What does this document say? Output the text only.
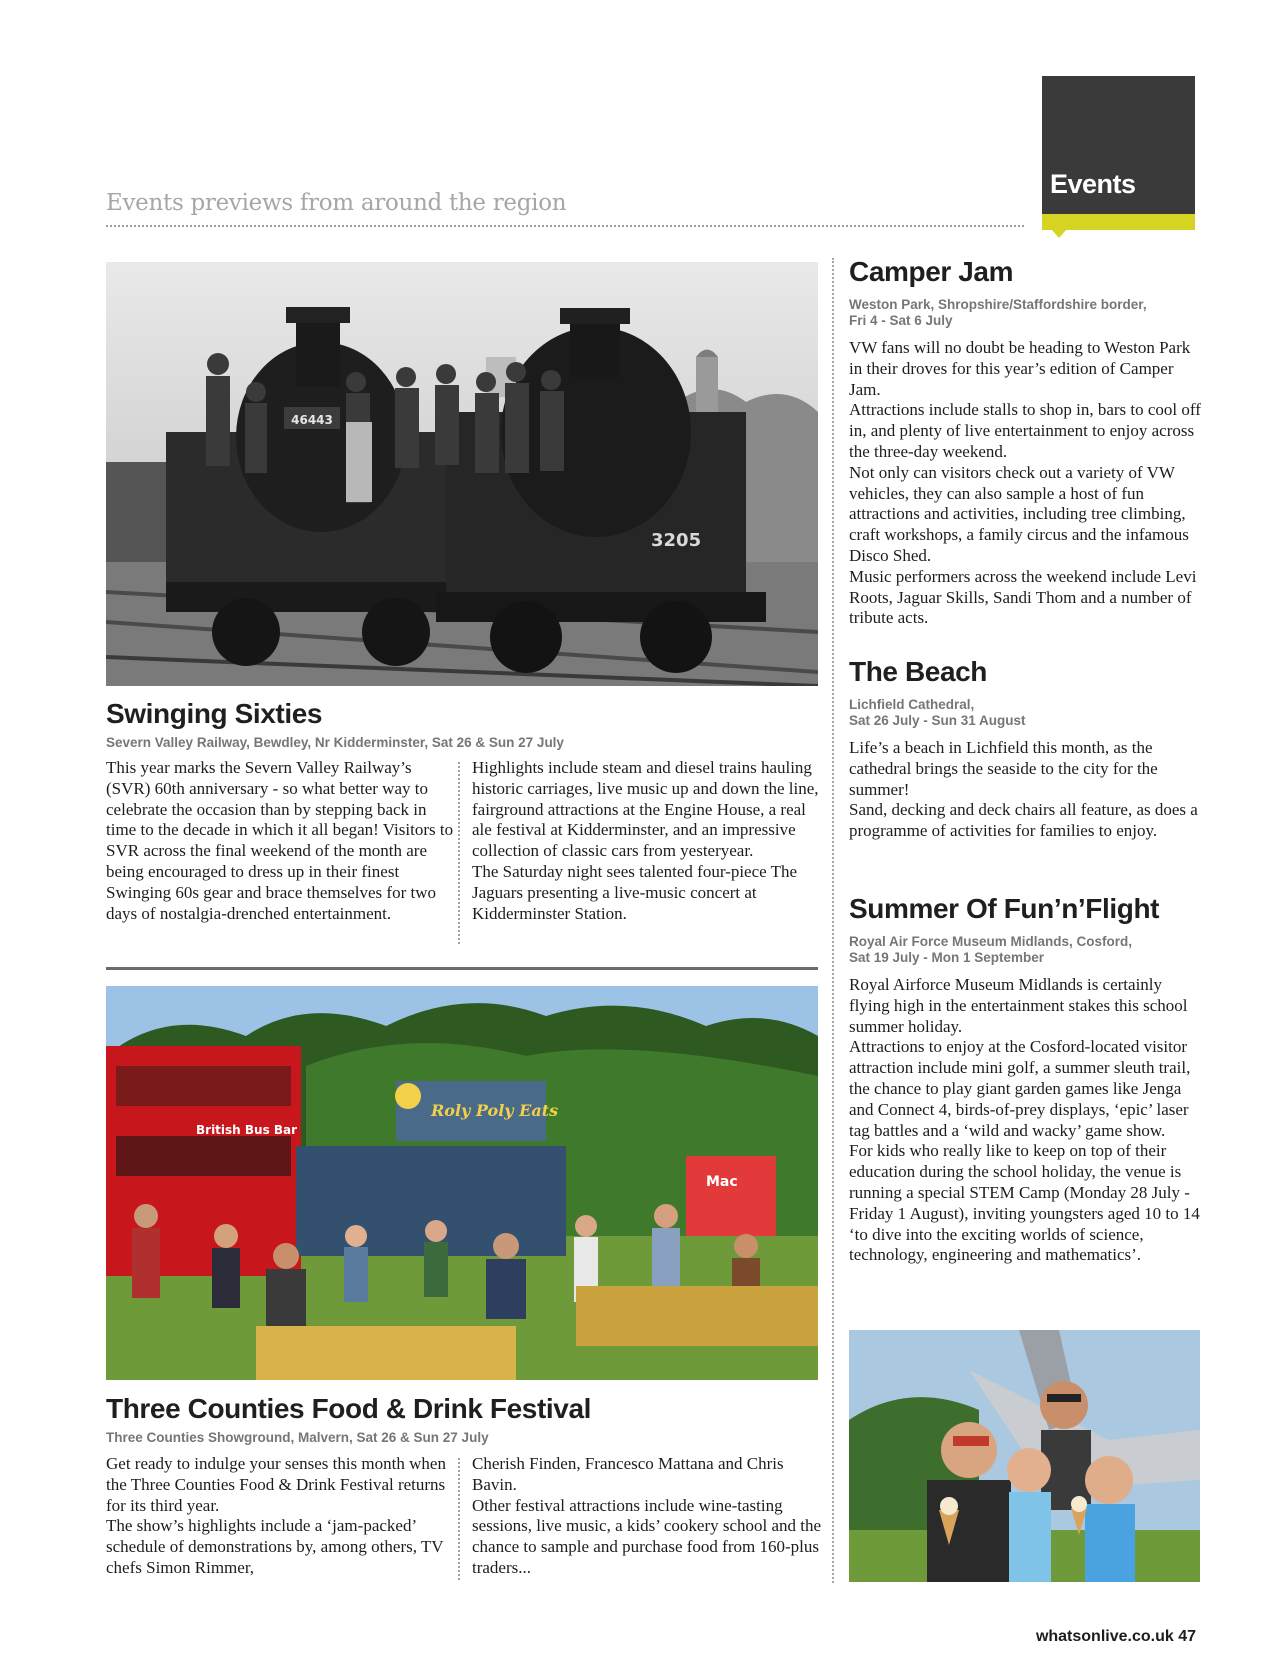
Events
Events previews from around the region
46443
3205
Swinging Sixties

Severn Valley Railway, Bewdley, Nr Kidderminster, Sat 26 & Sun 27 July

This year marks the Severn Valley Railway’s (SVR) 60th anniversary - so what better way to celebrate the occasion than by stepping back in time to the decade in which it all began! Visitors to SVR across the final weekend of the month are being encouraged to dress up in their finest Swinging 60s gear and brace themselves for two days of nostalgia-drenched entertainment.

Highlights include steam and diesel trains hauling historic carriages, live music up and down the line, fairground attractions at the Engine House, a real ale festival at Kidderminster, and an impressive collection of classic cars from yesteryear.

The Saturday night sees talented four-piece The Jaguars presenting a live-music concert at Kidderminster Station.

British Bus Bar
Roly Poly Eats
Mac
Three Counties Food & Drink Festival

Three Counties Showground, Malvern, Sat 26 & Sun 27 July

Get ready to indulge your senses this month when the Three Counties Food & Drink Festival returns for its third year.

The show’s highlights include a ‘jam-packed’ schedule of demonstrations by, among others, TV chefs Simon Rimmer,

Cherish Finden, Francesco Mattana and Chris Bavin.

Other festival attractions include wine-tasting sessions, live music, a kids’ cookery school and the chance to sample and purchase food from 160-plus traders...

Camper Jam

Weston Park, Shropshire/Staffordshire border,

Fri 4 - Sat 6 July

VW fans will no doubt be heading to Weston Park in their droves for this year’s edition of Camper Jam.

Attractions include stalls to shop in, bars to cool off in, and plenty of live entertainment to enjoy across the three-day weekend.

Not only can visitors check out a variety of VW vehicles, they can also sample a host of fun attractions and activities, including tree climbing, craft workshops, a family circus and the infamous Disco Shed.

Music performers across the weekend include Levi Roots, Jaguar Skills, Sandi Thom and a number of tribute acts.

The Beach

Lichfield Cathedral,

Sat 26 July - Sun 31 August

Life’s a beach in Lichfield this month, as the cathedral brings the seaside to the city for the summer!

Sand, decking and deck chairs all feature, as does a programme of activities for families to enjoy.

Summer Of Fun’n’Flight

Royal Air Force Museum Midlands, Cosford,

Sat 19 July - Mon 1 September

Royal Airforce Museum Midlands is certainly flying high in the entertainment stakes this school summer holiday.

Attractions to enjoy at the Cosford-located visitor attraction include mini golf, a summer sleuth trail, the chance to play giant garden games like Jenga and Connect 4, birds-of-prey displays, ‘epic’ laser tag battles and a ‘wild and wacky’ game show.

For kids who really like to keep on top of their education during the school holiday, the venue is running a special STEM Camp (Monday 28 July - Friday 1 August), inviting youngsters aged 10 to 14 ‘to dive into the exciting worlds of science, technology, engineering and mathematics’.

whatsonlive.co.uk 47
